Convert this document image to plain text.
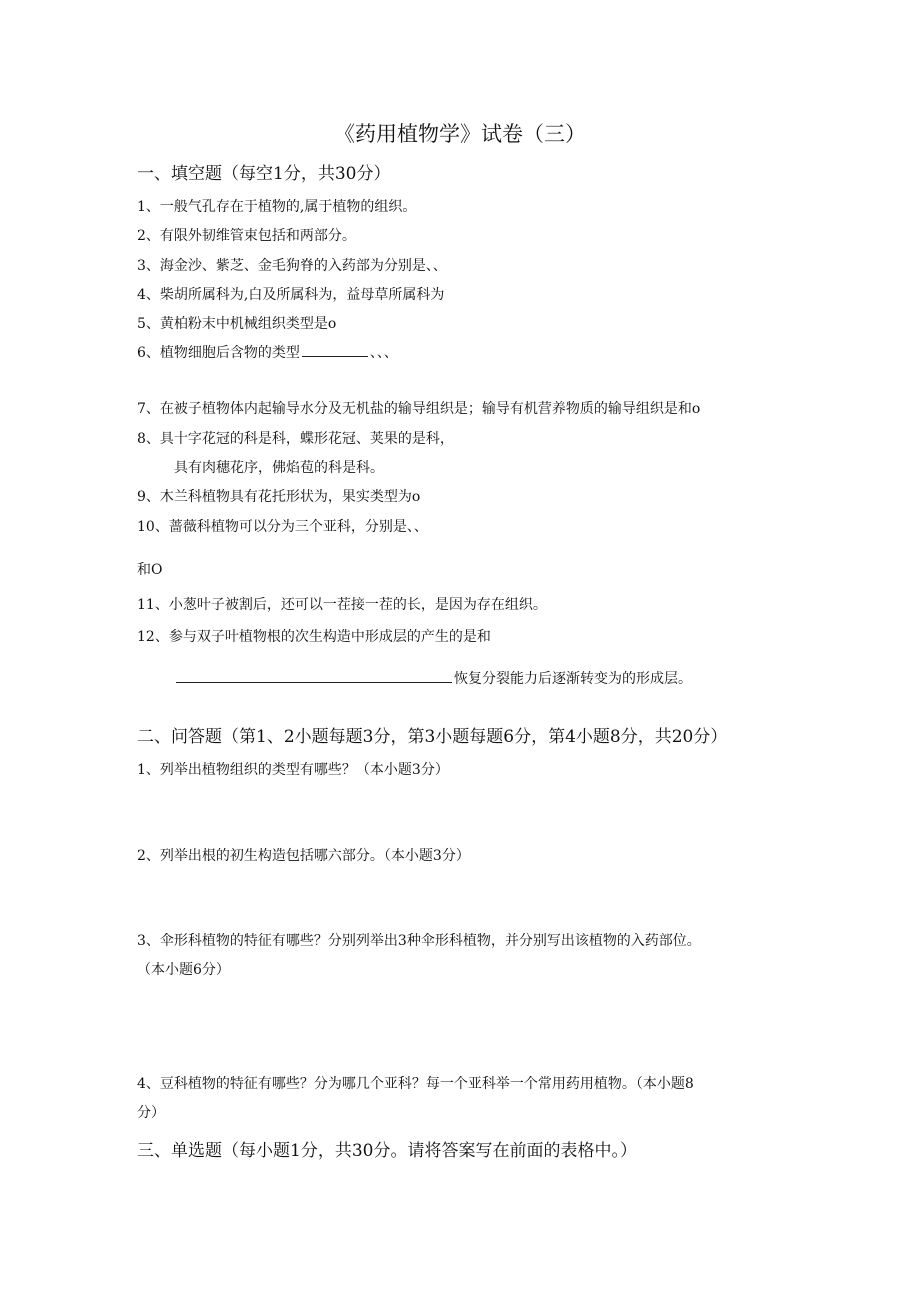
《药用植物学》试卷（三）

一、填空题（每空1分，共30分）

1、一般气孔存在于植物的,属于植物的组织。

2、有限外韧维管束包括和两部分。

3、海金沙、紫芝、金毛狗脊的入药部为分别是、、

4、柴胡所属科为,白及所属科为，益母草所属科为

5、黄柏粉末中机械组织类型是o

6、植物细胞后含物的类型	、、、

7、在被子植物体内起输导水分及无机盐的输导组织是；输导有机营养物质的输导组织是和o

8、具十字花冠的科是科，蝶形花冠、荚果的是科，

具有肉穗花序，佛焰苞的科是科。

9、木兰科植物具有花托形状为，果实类型为o

10、蔷薇科植物可以分为三个亚科，分别是、、

和O

11、小葱叶子被割后，还可以一茬接一茬的长，是因为存在组织。

12、参与双子叶植物根的次生构造中形成层的产生的是和

恢复分裂能力后逐渐转变为的形成层。

二、问答题（第1、2小题每题3分，第3小题每题6分，第4小题8分，共20分）

1、列举出植物组织的类型有哪些？（本小题3分）

2、列举出根的初生构造包括哪六部分。（本小题3分）

3、伞形科植物的特征有哪些？分别列举出3种伞形科植物，并分别写出该植物的入药部位。

（本小题6分）

4、豆科植物的特征有哪些？分为哪几个亚科？每一个亚科举一个常用药用植物。（本小题8

分）

三、单选题（每小题1分，共30分。请将答案写在前面的表格中。）
